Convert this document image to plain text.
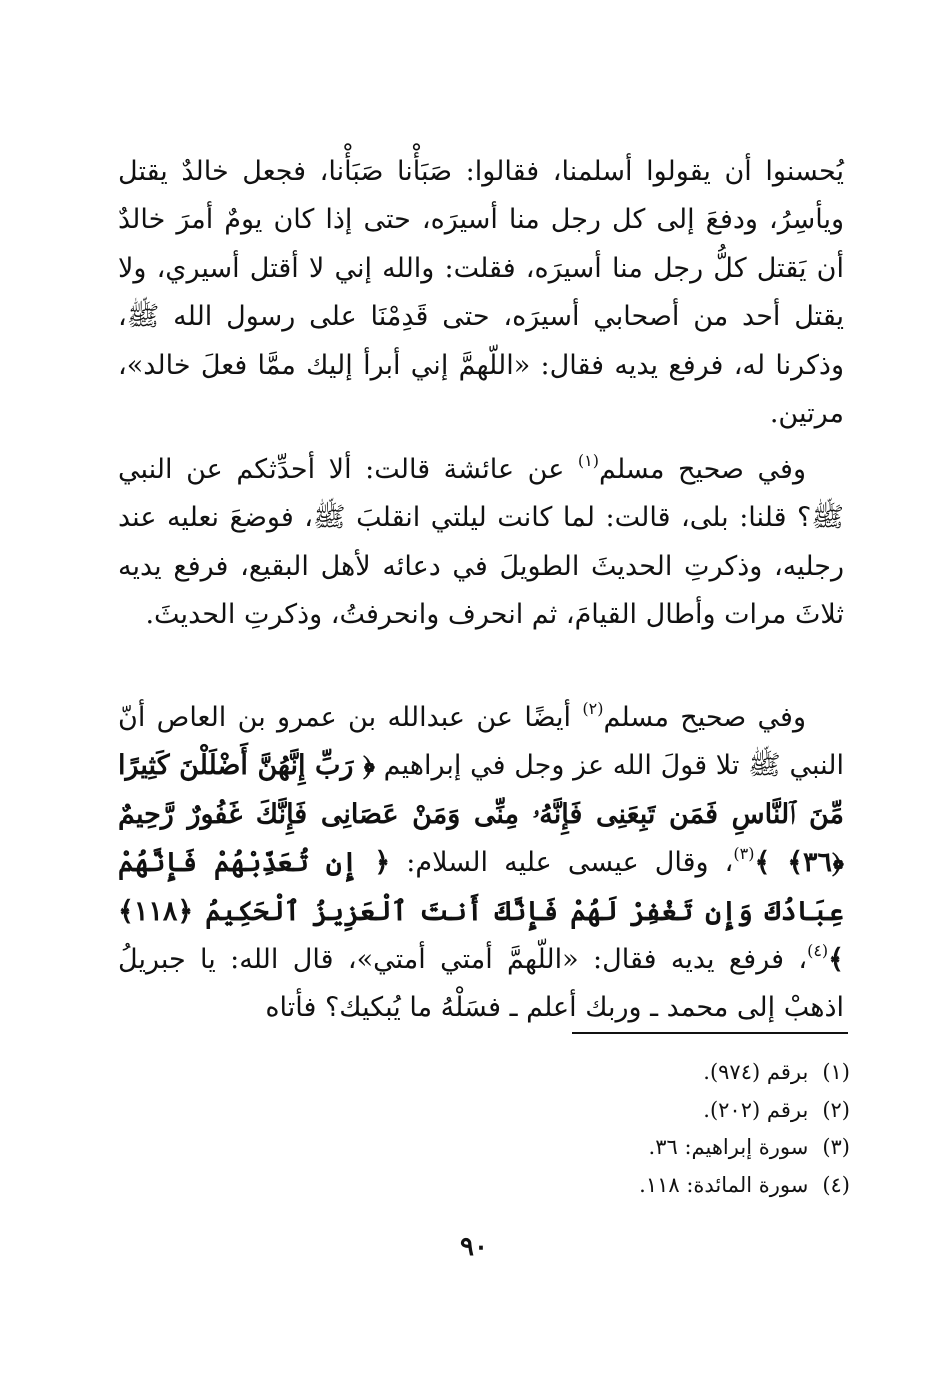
يُحسنوا أن يقولوا أسلمنا، فقالوا: صَبَأْنا صَبَأْنا، فجعل خالدٌ يقتل ويأسِرُ، ودفعَ إلى كل رجل منا أسيرَه، حتى إذا كان يومٌ أمرَ خالدٌ أن يَقتل كلُّ رجل منا أسيرَه، فقلت: والله إني لا أقتل أسيري، ولا يقتل أحد من أصحابي أسيرَه، حتى قَدِمْنَا على رسول الله ﷺ، وذكرنا له، فرفع يديه فقال: «اللّهمَّ إني أبرأ إليك ممَّا فعلَ خالد»، مرتين.

وفي صحيح مسلم$^{(١)}$ عن عائشة قالت: ألا أحدِّثكم عن النبي ﷺ؟ قلنا: بلى، قالت: لما كانت ليلتي انقلبَ ﷺ، فوضعَ نعليه عند رجليه، وذكرتِ الحديثَ الطويلَ في دعائه لأهل البقيع، فرفع يديه ثلاثَ مرات وأطال القيامَ، ثم انحرف وانحرفتُ، وذكرتِ الحديثَ.

وفي صحيح مسلم$^{(٢)}$ أيضًا عن عبدالله بن عمرو بن العاص أنّ النبي ﷺ تلا قولَ الله عز وجل في إبراهيم ﴿ رَبِّ إِنَّهُنَّ أَضْلَلْنَ كَثِيرًا مِّنَ ٱلنَّاسِ فَمَن تَبِعَنِى فَإِنَّهُۥ مِنِّى وَمَنْ عَصَانِى فَإِنَّكَ غَفُورٌ رَّحِيمٌ ﴿٣٦﴾ ﴾$^{(٣)}$، وقال عيسى عليه السلام: ﴿ إِن تُعَذِّبْهُمْ فَإِنَّهُمْ عِبَادُكَ وَإِن تَغْفِرْ لَهُمْ فَإِنَّكَ أَنتَ ٱلْعَزِيزُ ٱلْحَكِيمُ ﴿١١٨﴾ ﴾$^{(٤)}$، فرفع يديه فقال: «اللّهمَّ أمتي أمتي»، قال الله: يا جبريلُ اذهبْ إلى محمد ـ وربك أعلم ـ فسَلْهُ ما يُبكيك؟ فأتاه

(١)برقم (٩٧٤).
(٢)برقم (٢٠٢).
(٣)سورة إبراهيم: ٣٦.
(٤)سورة المائدة: ١١٨.
٩٠
